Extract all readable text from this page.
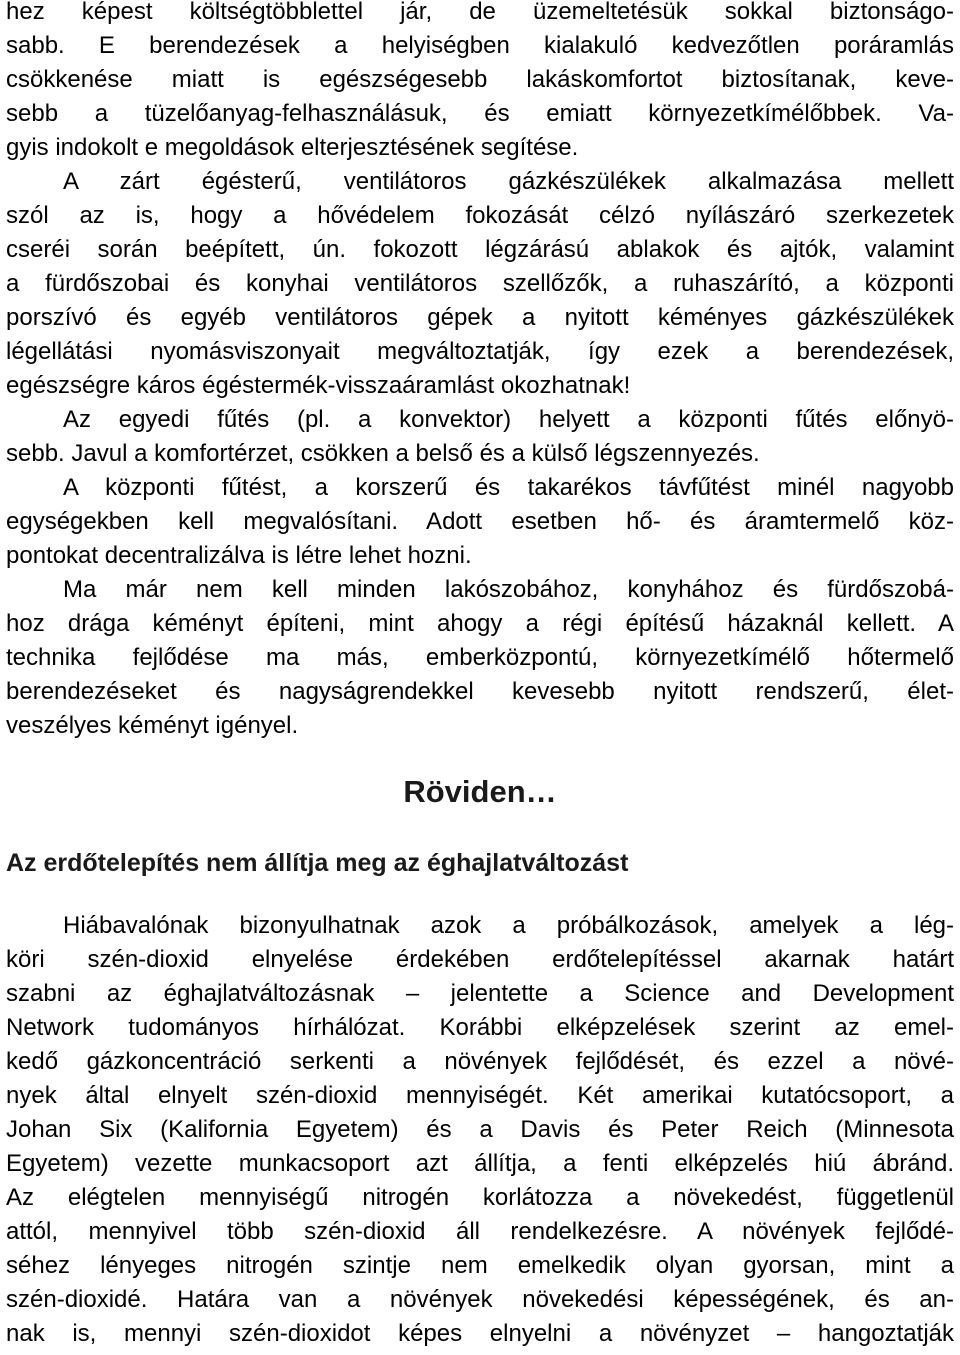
hez képest költségtöbblettel jár, de üzemeltetésük sokkal biztonságo-
sabb. E berendezések a helyiségben kialakuló kedvezőtlen poráramlás
csökkenése miatt is egészségesebb lakáskomfortot biztosítanak, keve-
sebb a tüzelőanyag-felhasználásuk, és emiatt környezetkímélőbbek. Va-
gyis indokolt e megoldások elterjesztésének segítése.
A zárt égésterű, ventilátoros gázkészülékek alkalmazása mellett
szól az is, hogy a hővédelem fokozását célzó nyílászáró szerkezetek
cseréi során beépített, ún. fokozott légzárású ablakok és ajtók, valamint
a fürdőszobai és konyhai ventilátoros szellőzők, a ruhaszárító, a központi
porszívó és egyéb ventilátoros gépek a nyitott kéményes gázkészülékek
légellátási nyomásviszonyait megváltoztatják, így ezek a berendezések,
egészségre káros égéstermék-visszaáramlást okozhatnak!
Az egyedi fűtés (pl. a konvektor) helyett a központi fűtés előnyö-
sebb. Javul a komfortérzet, csökken a belső és a külső légszennyezés.
A központi fűtést, a korszerű és takarékos távfűtést minél nagyobb
egységekben kell megvalósítani. Adott esetben hő- és áramtermelő köz-
pontokat decentralizálva is létre lehet hozni.
Ma már nem kell minden lakószobához, konyhához és fürdőszobá-
hoz drága kéményt építeni, mint ahogy a régi építésű házaknál kellett. A
technika fejlődése ma más, emberközpontú, környezetkímélő hőtermelő
berendezéseket és nagyságrendekkel kevesebb nyitott rendszerű, élet-
veszélyes kéményt igényel.
Röviden…
Az erdőtelepítés nem állítja meg az éghajlatváltozást
Hiábavalónak bizonyulhatnak azok a próbálkozások, amelyek a lég-
köri szén-dioxid elnyelése érdekében erdőtelepítéssel akarnak határt
szabni az éghajlatváltozásnak – jelentette a Science and Development
Network tudományos hírhálózat. Korábbi elképzelések szerint az emel-
kedő gázkoncentráció serkenti a növények fejlődését, és ezzel a növé-
nyek által elnyelt szén-dioxid mennyiségét. Két amerikai kutatócsoport, a
Johan Six (Kalifornia Egyetem) és a Davis és Peter Reich (Minnesota
Egyetem) vezette munkacsoport azt állítja, a fenti elképzelés hiú ábránd.
Az elégtelen mennyiségű nitrogén korlátozza a növekedést, függetlenül
attól, mennyivel több szén-dioxid áll rendelkezésre. A növények fejlődé-
séhez lényeges nitrogén szintje nem emelkedik olyan gyorsan, mint a
szén-dioxidé. Határa van a növények növekedési képességének, és an-
nak is, mennyi szén-dioxidot képes elnyelni a növényzet – hangoztatják
